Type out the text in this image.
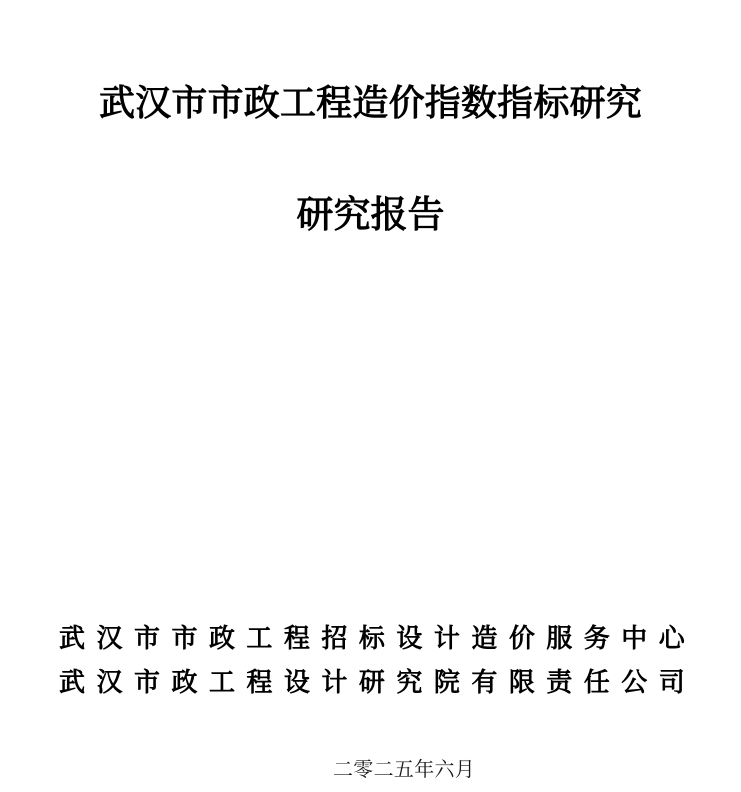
武汉市市政工程造价指数指标研究
研究报告
武 汉 市 市 政 工 程 招 标 设 计 造 价 服 务 中 心
武 汉 市 政 工 程 设 计 研 究 院 有 限 责 任 公 司
二零二五年六月
